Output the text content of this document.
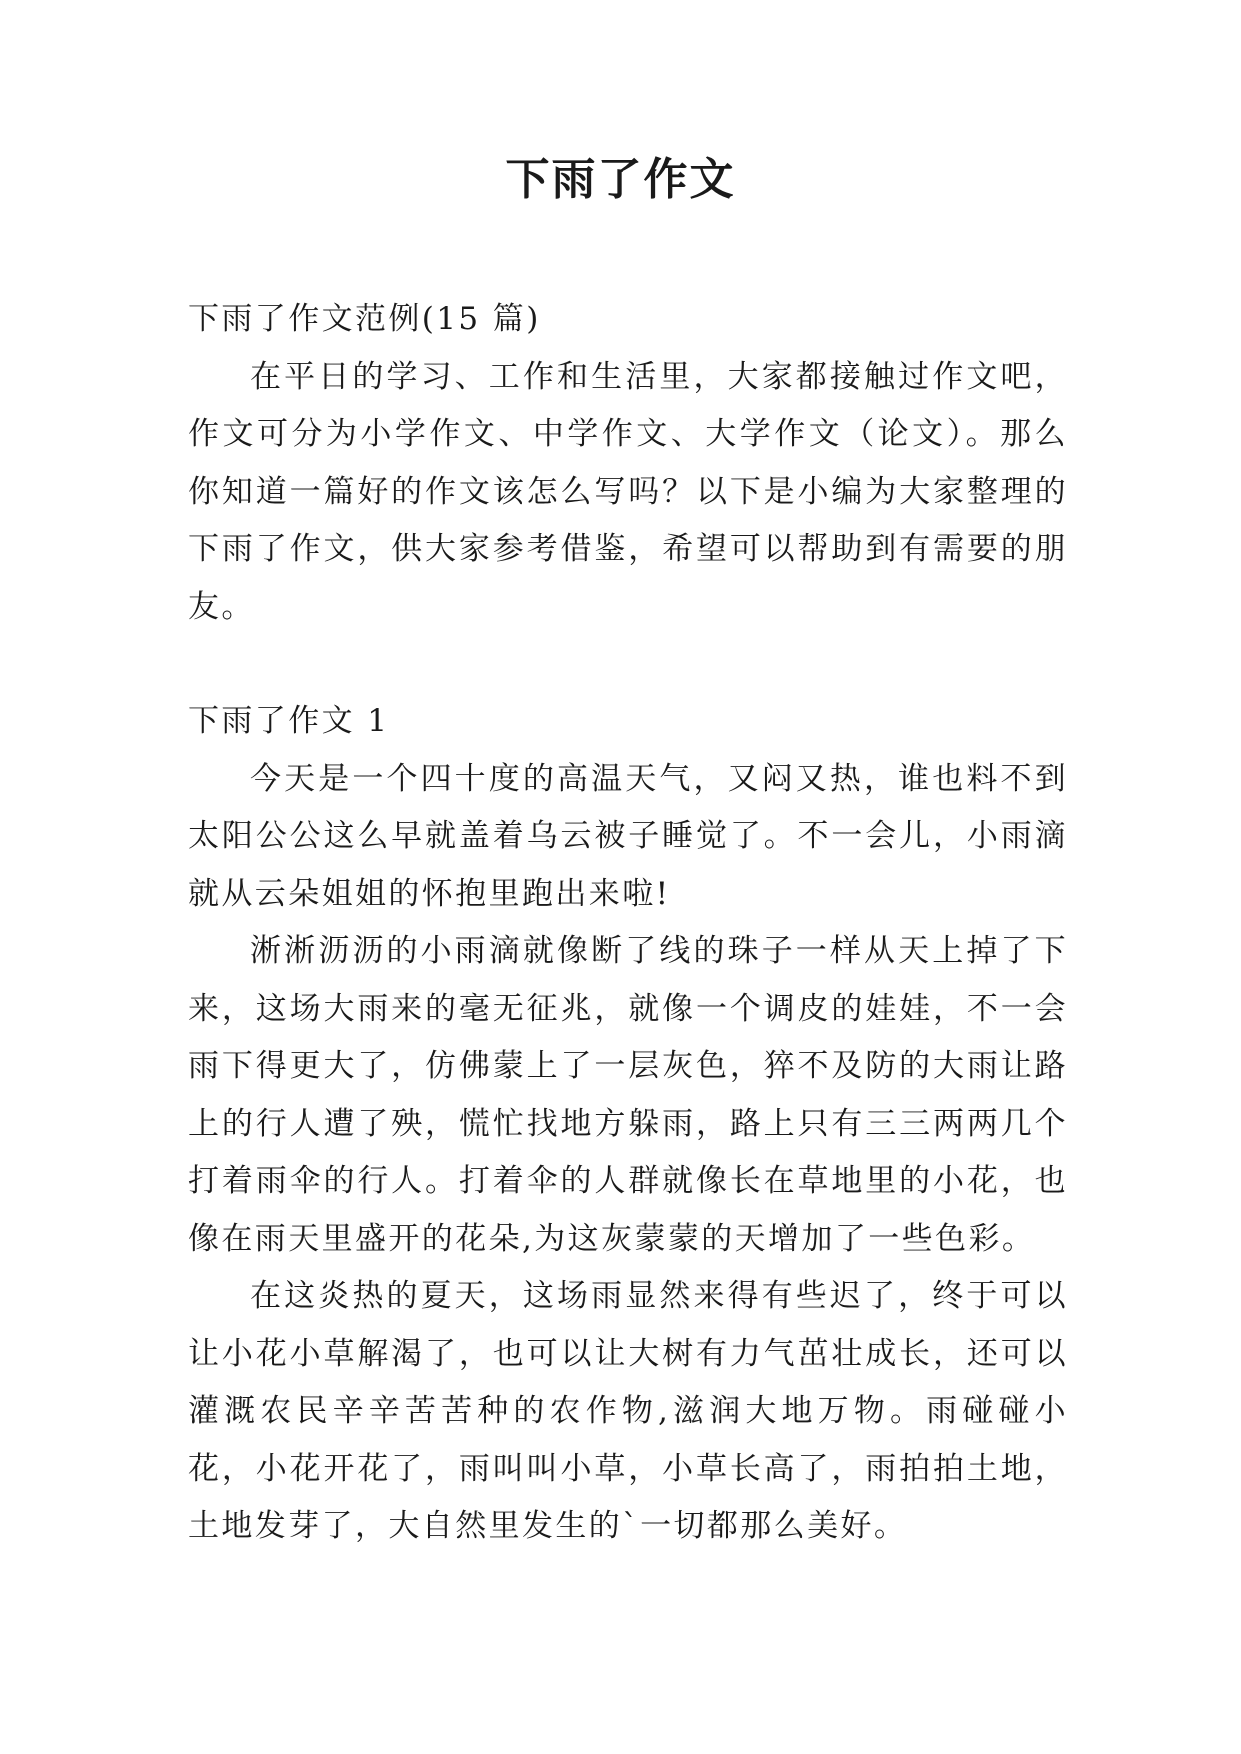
下雨了作文

下雨了作文范例(15 篇)

在平日的学习、工作和生活里，大家都接触过作文吧，作文可分为小学作文、中学作文、大学作文（论文）。那么你知道一篇好的作文该怎么写吗？以下是小编为大家整理的下雨了作文，供大家参考借鉴，希望可以帮助到有需要的朋友。

下雨了作文 1

今天是一个四十度的高温天气，又闷又热，谁也料不到太阳公公这么早就盖着乌云被子睡觉了。不一会儿，小雨滴就从云朵姐姐的怀抱里跑出来啦!

淅淅沥沥的小雨滴就像断了线的珠子一样从天上掉了下来，这场大雨来的毫无征兆，就像一个调皮的娃娃，不一会雨下得更大了，仿佛蒙上了一层灰色，猝不及防的大雨让路上的行人遭了殃，慌忙找地方躲雨，路上只有三三两两几个打着雨伞的行人。打着伞的人群就像长在草地里的小花，也像在雨天里盛开的花朵,为这灰蒙蒙的天增加了一些色彩。

在这炎热的夏天，这场雨显然来得有些迟了，终于可以让小花小草解渴了，也可以让大树有力气茁壮成长，还可以灌溉农民辛辛苦苦种的农作物,滋润大地万物。雨碰碰小花，小花开花了，雨叫叫小草，小草长高了，雨拍拍土地，土地发芽了，大自然里发生的`一切都那么美好。
